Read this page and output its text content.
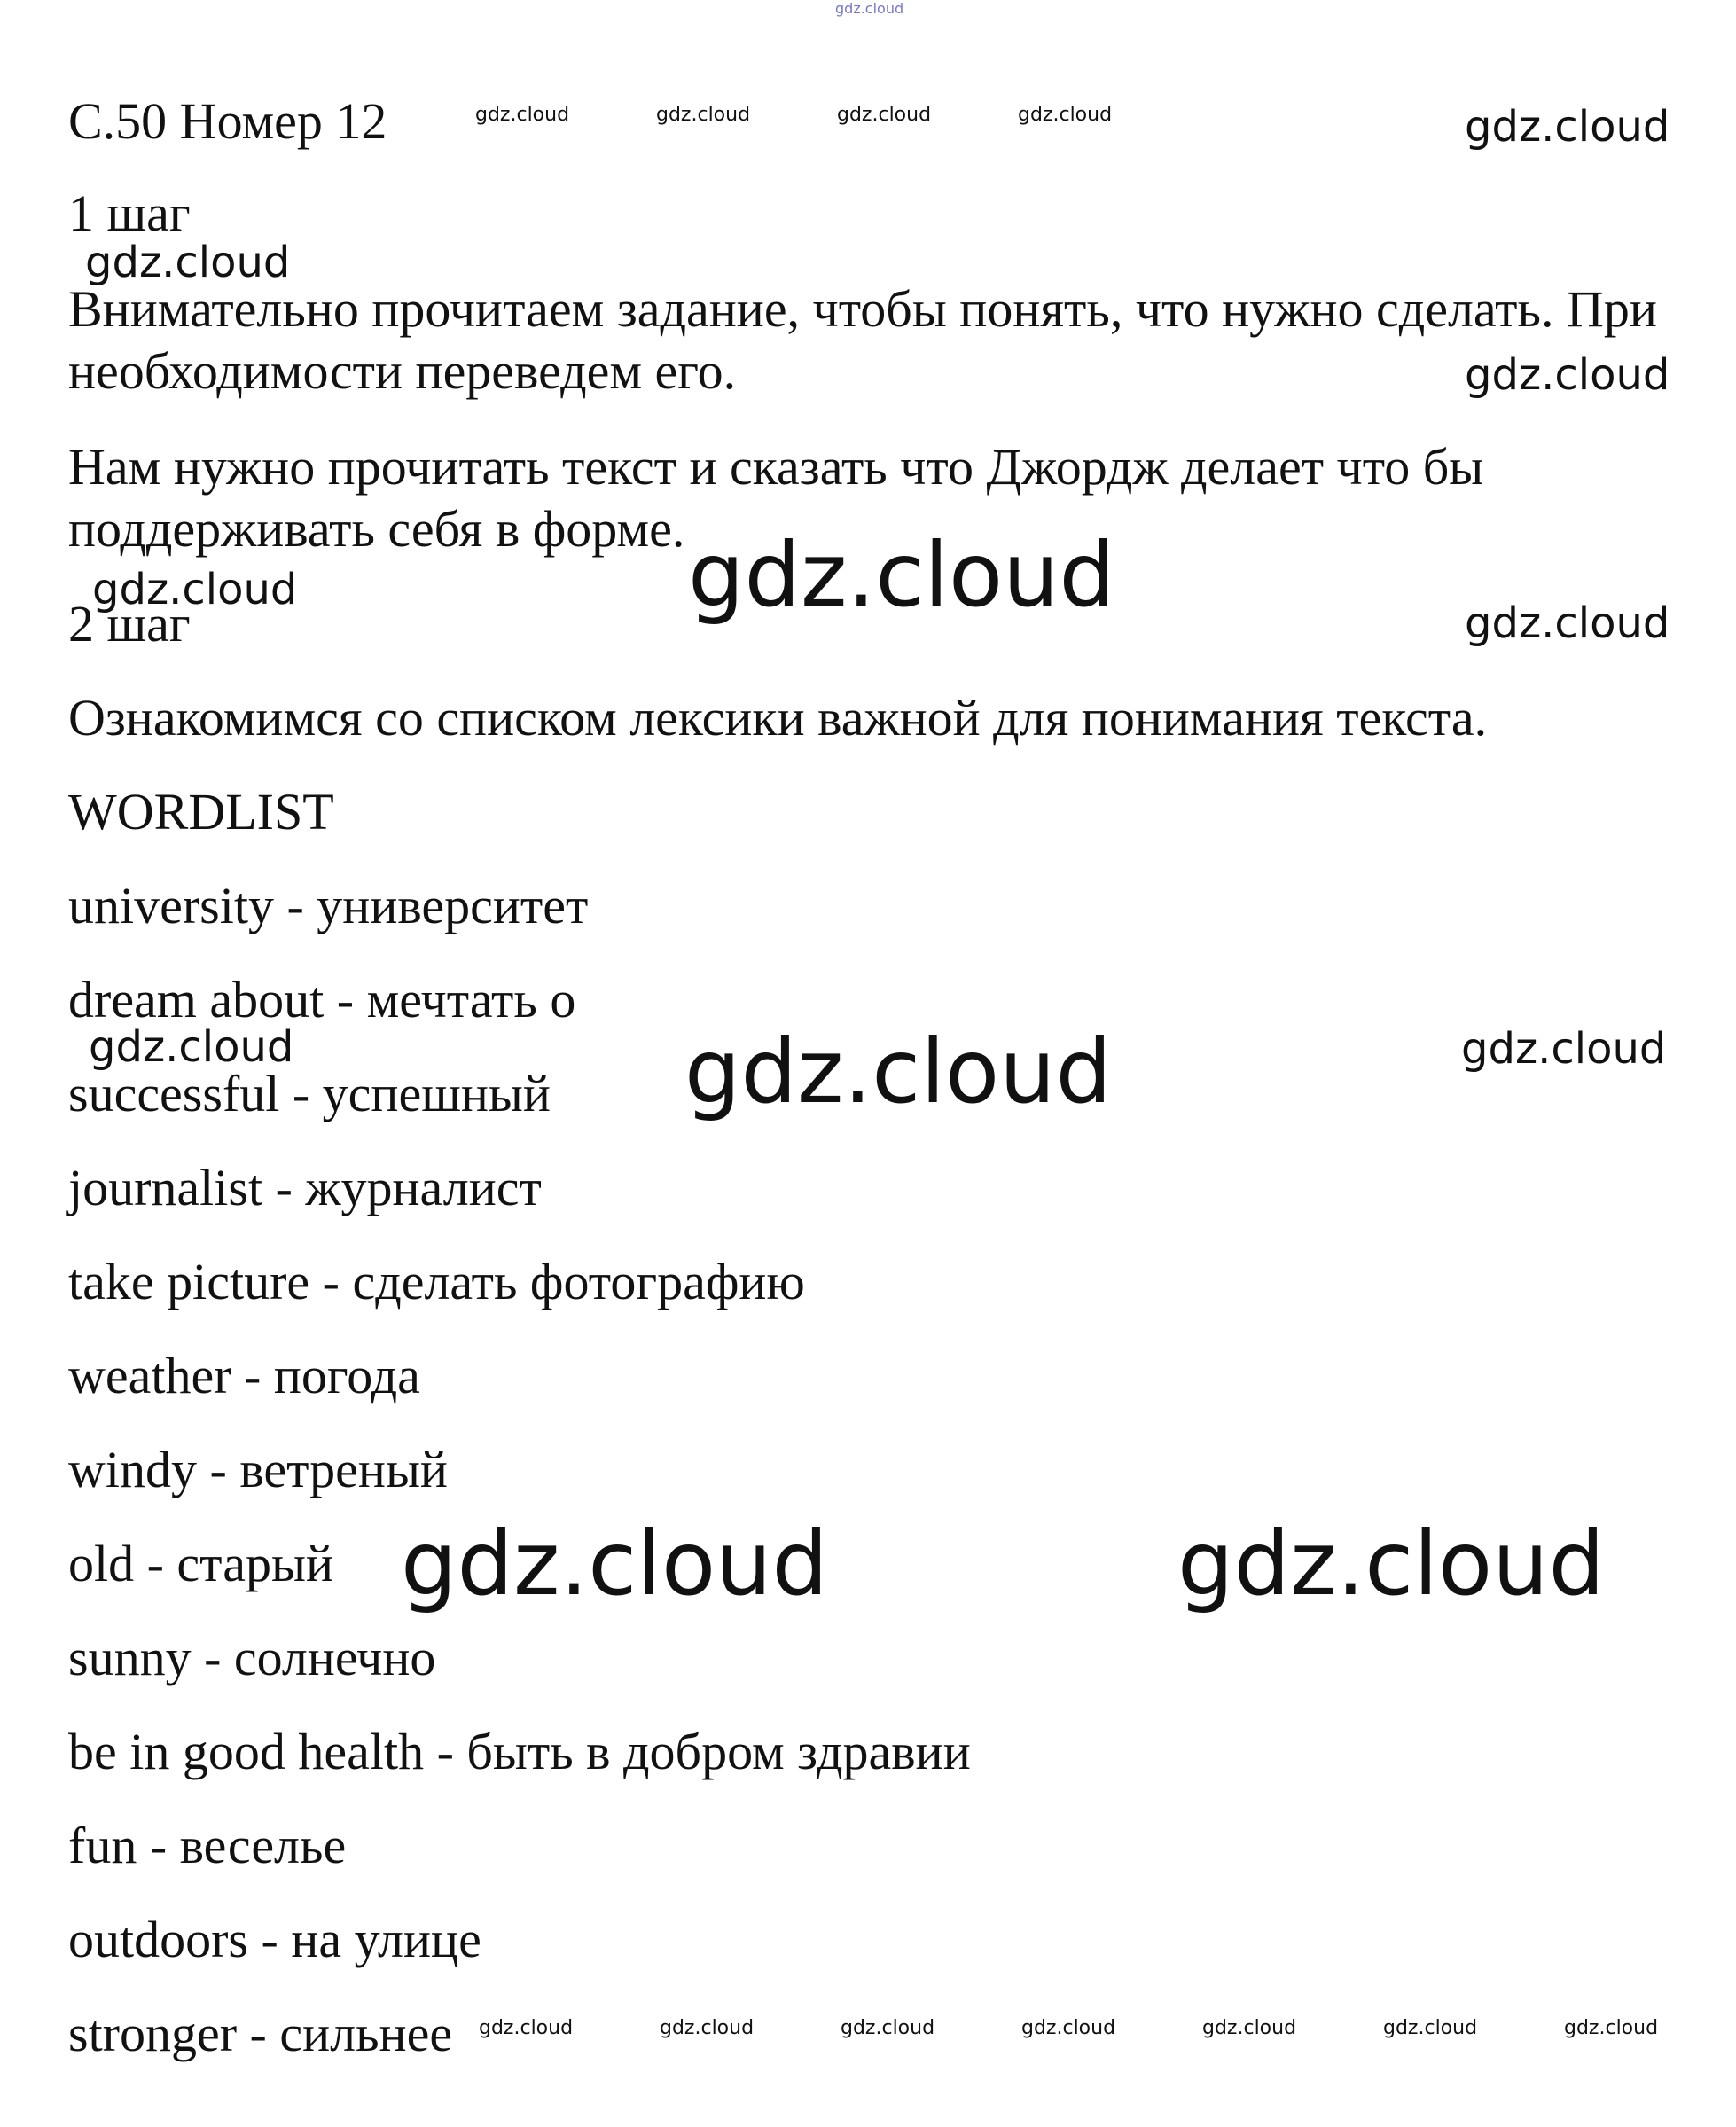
С.50 Номер 12
1 шаг
Внимательно прочитаем задание, чтобы понять, что нужно сделать. При
необходимости переведем его.
Нам нужно прочитать текст и сказать что Джордж делает что бы
поддерживать себя в форме.
2 шаг
Ознакомимся со списком лексики важной для понимания текста.
WORDLIST
university - университет
dream about - мечтать о
successful - успешный
journalist - журналист
take picture - сделать фотографию
weather - погода
windy - ветреный
old - старый
sunny - солнечно
be in good health - быть в добром здравии
fun - веселье
outdoors - на улице
stronger - сильнее
gdz.cloud
gdz.cloud	gdz.cloud	gdz.cloud	gdz.cloud	gdz.cloud
gdz.cloud
gdz.cloud
gdz.cloud
gdz.cloud
gdz.cloud	gdz.cloud
gdz.cloud
gdz.cloud
gdz.cloud	gdz.cloud
gdz.cloud	gdz.cloud	gdz.cloud	gdz.cloud	gdz.cloud	gdz.cloud	gdz.cloud
